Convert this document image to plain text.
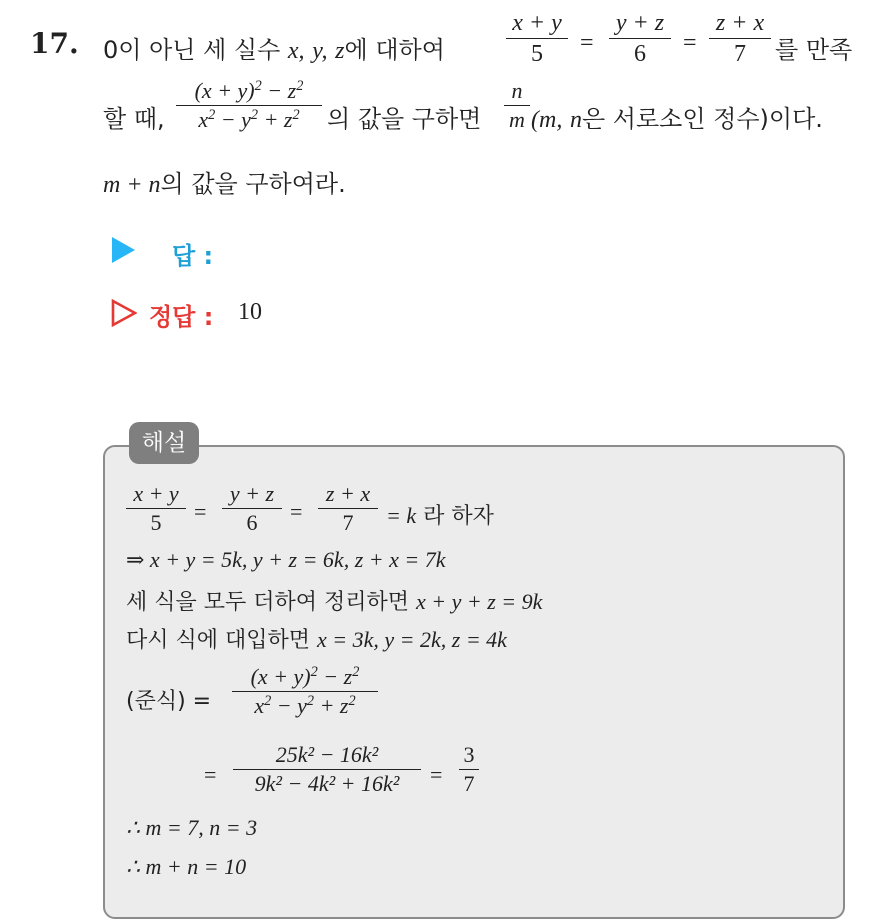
17. 0이 아닌 세 실수 x, y, z에 대하여
x + y
5	=
y + z
6	=
z + x
7	를 만족
할 때,
$(x + y)^2 - z^2$
$x^2 - y^2 + z^2$	의 값을 구하면
n
m (m, n은 서로소인 정수)이다.
m + n의 값을 구하여라.
답 :
정답 : 10
해설
x + y
5	=
y + z
6	=
z + x
7	= k 라 하자
⇒ x + y = 5k, y + z = 6k, z + x = 7k
세 식을 모두 더하여 정리하면 x + y + z = 9k
다시 식에 대입하면 x = 3k, y = 2k, z = 4k
(준식) =
$(x + y)^2 - z^2$
$x^2 - y^2 + z^2$
=
25k² − 16k²
9k² − 4k² + 16k²	=
3
7
∴ m = 7, n = 3
∴ m + n = 10
